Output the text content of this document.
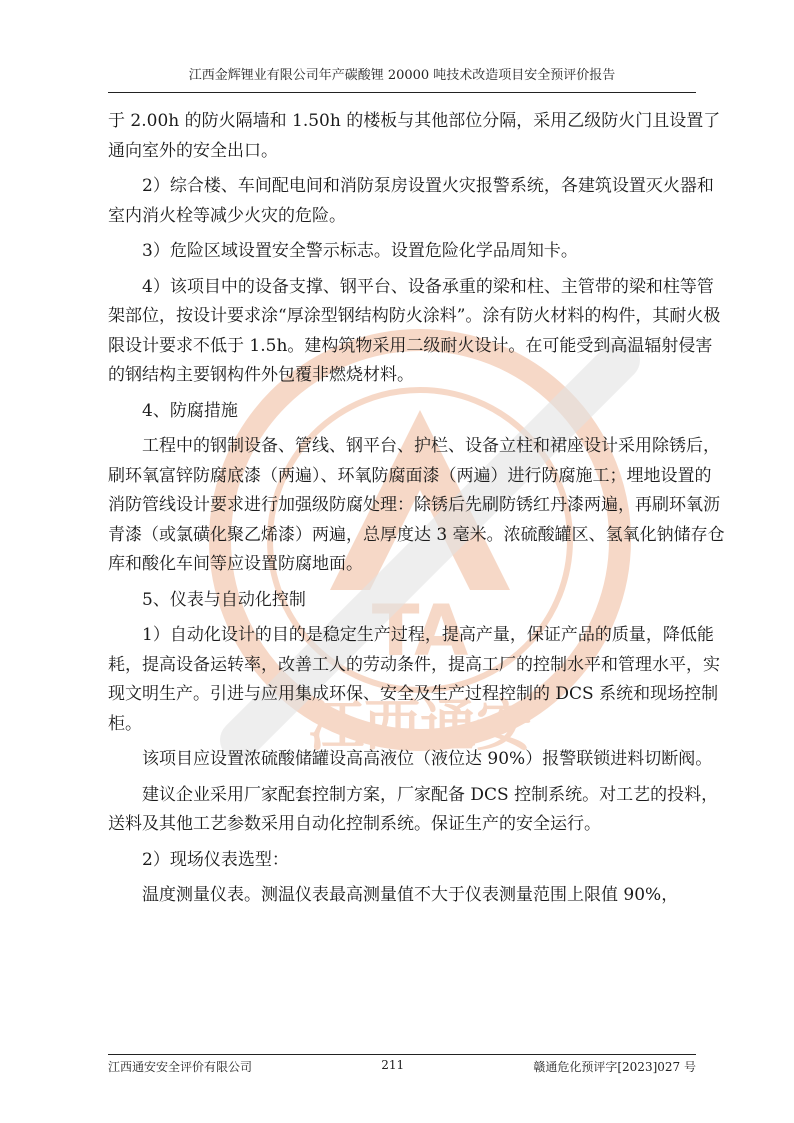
江西金辉锂业有限公司年产碳酸锂 20000 吨技术改造项目安全预评价报告
TA
江西通安

于 2.00h 的防火隔墙和 1.50h 的楼板与其他部位分隔，采用乙级防火门且设置了通向室外的安全出口。

2）综合楼、车间配电间和消防泵房设置火灾报警系统，各建筑设置灭火器和室内消火栓等减少火灾的危险。

3）危险区域设置安全警示标志。设置危险化学品周知卡。

4）该项目中的设备支撑、钢平台、设备承重的梁和柱、主管带的梁和柱等管架部位，按设计要求涂“厚涂型钢结构防火涂料”。涂有防火材料的构件，其耐火极限设计要求不低于 1.5h。建构筑物采用二级耐火设计。在可能受到高温辐射侵害的钢结构主要钢构件外包覆非燃烧材料。

4、防腐措施

工程中的钢制设备、管线、钢平台、护栏、设备立柱和裙座设计采用除锈后，刷环氧富锌防腐底漆（两遍）、环氧防腐面漆（两遍）进行防腐施工；埋地设置的消防管线设计要求进行加强级防腐处理：除锈后先刷防锈红丹漆两遍，再刷环氧沥青漆（或氯磺化聚乙烯漆）两遍，总厚度达 3 毫米。浓硫酸罐区、氢氧化钠储存仓库和酸化车间等应设置防腐地面。

5、仪表与自动化控制

1）自动化设计的目的是稳定生产过程，提高产量，保证产品的质量，降低能耗，提高设备运转率，改善工人的劳动条件，提高工厂的控制水平和管理水平，实现文明生产。引进与应用集成环保、安全及生产过程控制的 DCS 系统和现场控制柜。

该项目应设置浓硫酸储罐设高高液位（液位达 90%）报警联锁进料切断阀。

建议企业采用厂家配套控制方案，厂家配备 DCS 控制系统。对工艺的投料，送料及其他工艺参数采用自动化控制系统。保证生产的安全运行。

2）现场仪表选型：

温度测量仪表。测温仪表最高测量值不大于仪表测量范围上限值 90%，

江西通安安全评价有限公司	211	赣通危化预评字[2023]027 号
